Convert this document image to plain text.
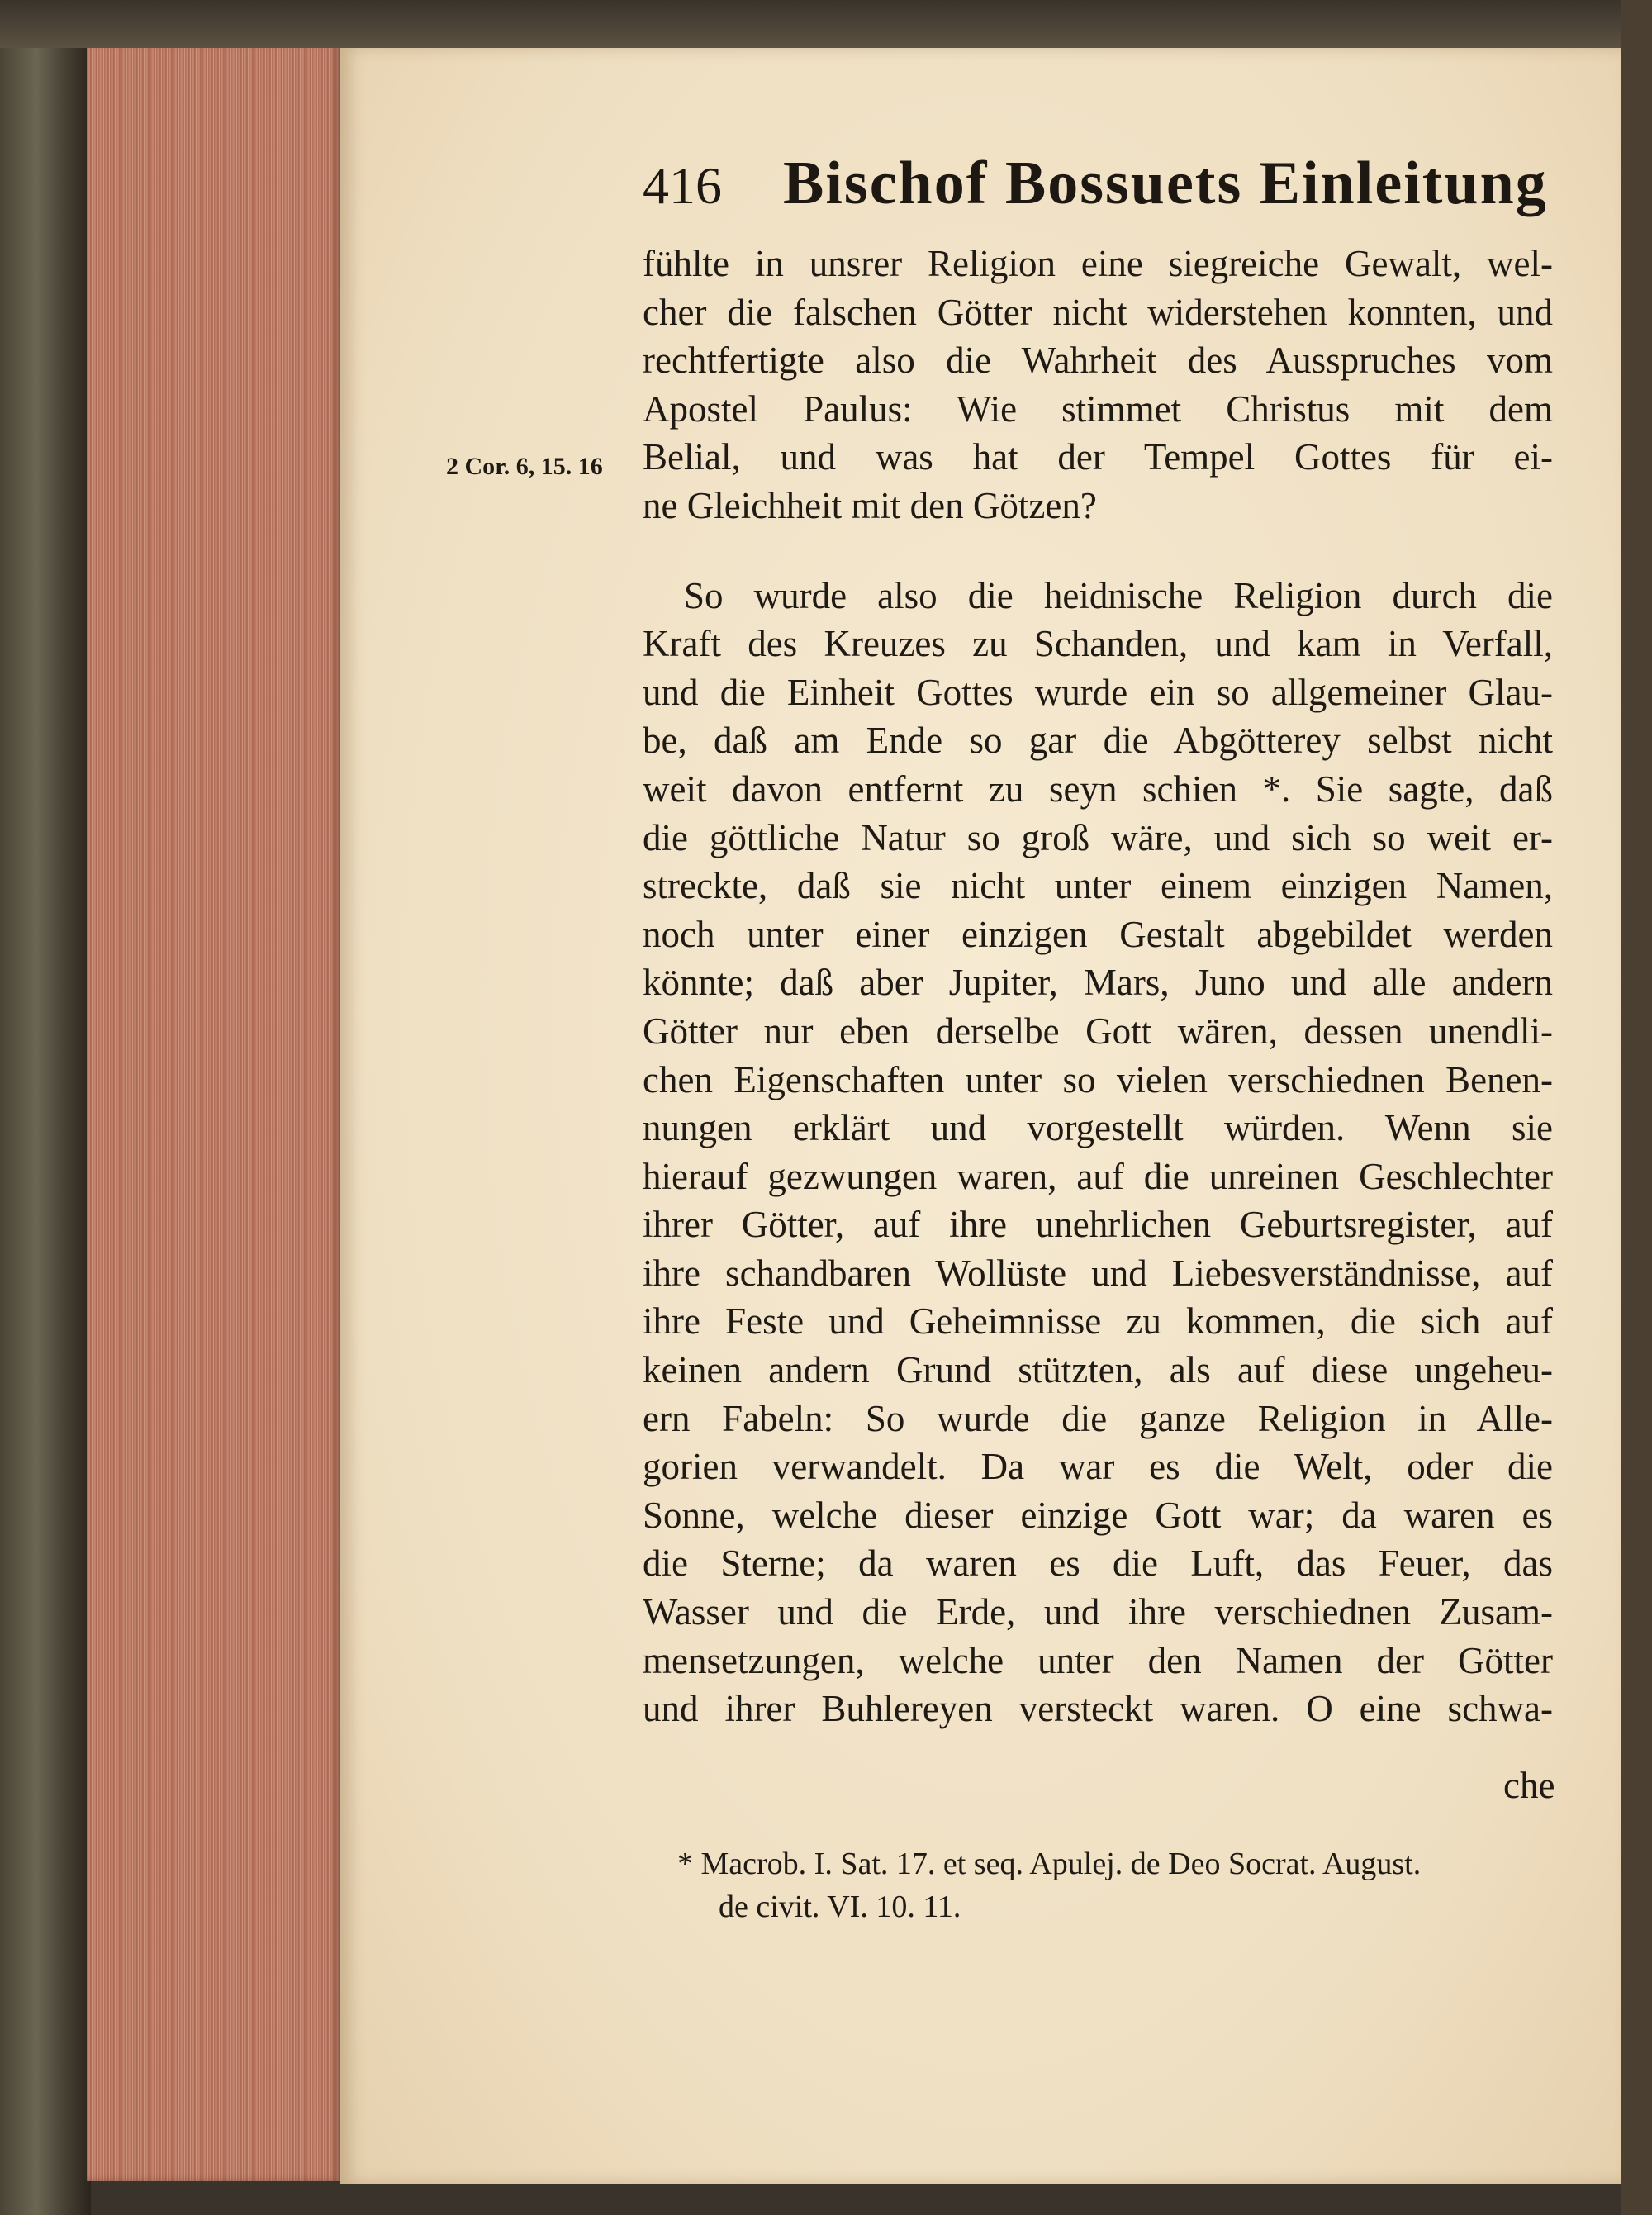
416	Bischof Bossuets Einleitung
2 Cor. 6, 15. 16
fühlte in unsrer Religion eine siegreiche Gewalt, wel-
cher die falschen Götter nicht widerstehen konnten, und
rechtfertigte also die Wahrheit des Ausspruches vom
Apostel Paulus: Wie stimmet Christus mit dem
Belial, und was hat der Tempel Gottes für ei-
ne Gleichheit mit den Götzen?
So wurde also die heidnische Religion durch die
Kraft des Kreuzes zu Schanden, und kam in Verfall,
und die Einheit Gottes wurde ein so allgemeiner Glau-
be, daß am Ende so gar die Abgötterey selbst nicht
weit davon entfernt zu seyn schien *. Sie sagte, daß
die göttliche Natur so groß wäre, und sich so weit er-
streckte, daß sie nicht unter einem einzigen Namen,
noch unter einer einzigen Gestalt abgebildet werden
könnte; daß aber Jupiter, Mars, Juno und alle andern
Götter nur eben derselbe Gott wären, dessen unendli-
chen Eigenschaften unter so vielen verschiednen Benen-
nungen erklärt und vorgestellt würden. Wenn sie
hierauf gezwungen waren, auf die unreinen Geschlechter
ihrer Götter, auf ihre unehrlichen Geburtsregister, auf
ihre schandbaren Wollüste und Liebesverständnisse, auf
ihre Feste und Geheimnisse zu kommen, die sich auf
keinen andern Grund stützten, als auf diese ungeheu-
ern Fabeln: So wurde die ganze Religion in Alle-
gorien verwandelt. Da war es die Welt, oder die
Sonne, welche dieser einzige Gott war; da waren es
die Sterne; da waren es die Luft, das Feuer, das
Wasser und die Erde, und ihre verschiednen Zusam-
mensetzungen, welche unter den Namen der Götter
und ihrer Buhlereyen versteckt waren. O eine schwa-
che
* Macrob. I. Sat. 17. et seq. Apulej. de Deo Socrat. August.
de civit. VI. 10. 11.
